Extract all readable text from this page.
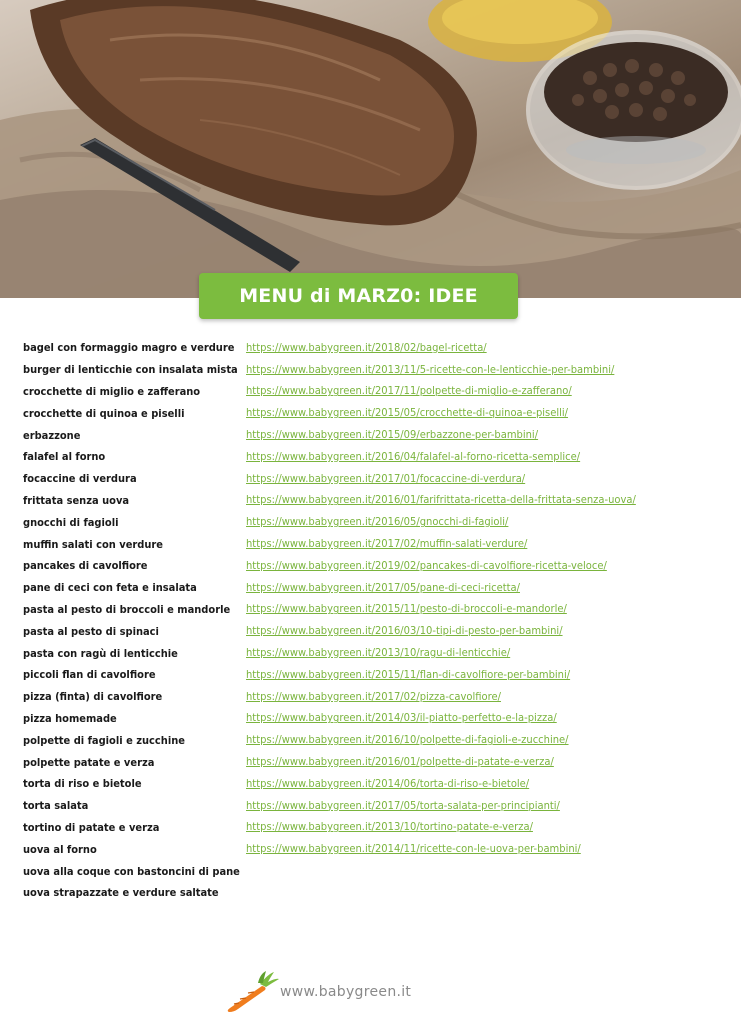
MENU di MARZ0: IDEE
bagel con formaggio magro e verdure	https://www.babygreen.it/2018/02/bagel-ricetta/
burger di lenticchie con insalata mista https://www.babygreen.it/2013/11/5-ricette-con-le-lenticchie-per-bambini/
crocchette di miglio e zafferano	https://www.babygreen.it/2017/11/polpette-di-miglio-e-zafferano/
crocchette di quinoa e piselli	https://www.babygreen.it/2015/05/crocchette-di-quinoa-e-piselli/
erbazzone	https://www.babygreen.it/2015/09/erbazzone-per-bambini/
falafel al forno	https://www.babygreen.it/2016/04/falafel-al-forno-ricetta-semplice/
focaccine di verdura	https://www.babygreen.it/2017/01/focaccine-di-verdura/
frittata senza uova	https://www.babygreen.it/2016/01/farifrittata-ricetta-della-frittata-senza-uova/
gnocchi di fagioli	https://www.babygreen.it/2016/05/gnocchi-di-fagioli/
muffin salati con verdure	https://www.babygreen.it/2017/02/muffin-salati-verdure/
pancakes di cavolfiore	https://www.babygreen.it/2019/02/pancakes-di-cavolfiore-ricetta-veloce/
pane di ceci con feta e insalata	https://www.babygreen.it/2017/05/pane-di-ceci-ricetta/
pasta al pesto di broccoli e mandorle	https://www.babygreen.it/2015/11/pesto-di-broccoli-e-mandorle/
pasta al pesto di spinaci	https://www.babygreen.it/2016/03/10-tipi-di-pesto-per-bambini/
pasta con ragù di lenticchie	https://www.babygreen.it/2013/10/ragu-di-lenticchie/
piccoli flan di cavolfiore	https://www.babygreen.it/2015/11/flan-di-cavolfiore-per-bambini/
pizza (finta) di cavolfiore	https://www.babygreen.it/2017/02/pizza-cavolfiore/
pizza homemade	https://www.babygreen.it/2014/03/il-piatto-perfetto-e-la-pizza/
polpette di fagioli e zucchine	https://www.babygreen.it/2016/10/polpette-di-fagioli-e-zucchine/
polpette patate e verza	https://www.babygreen.it/2016/01/polpette-di-patate-e-verza/
torta di riso e bietole	https://www.babygreen.it/2014/06/torta-di-riso-e-bietole/
torta salata	https://www.babygreen.it/2017/05/torta-salata-per-principianti/
tortino di patate e verza	https://www.babygreen.it/2013/10/tortino-patate-e-verza/
uova al forno	https://www.babygreen.it/2014/11/ricette-con-le-uova-per-bambini/
uova alla coque con bastoncini di pane
uova strapazzate e verdure saltate
www.babygreen.it
